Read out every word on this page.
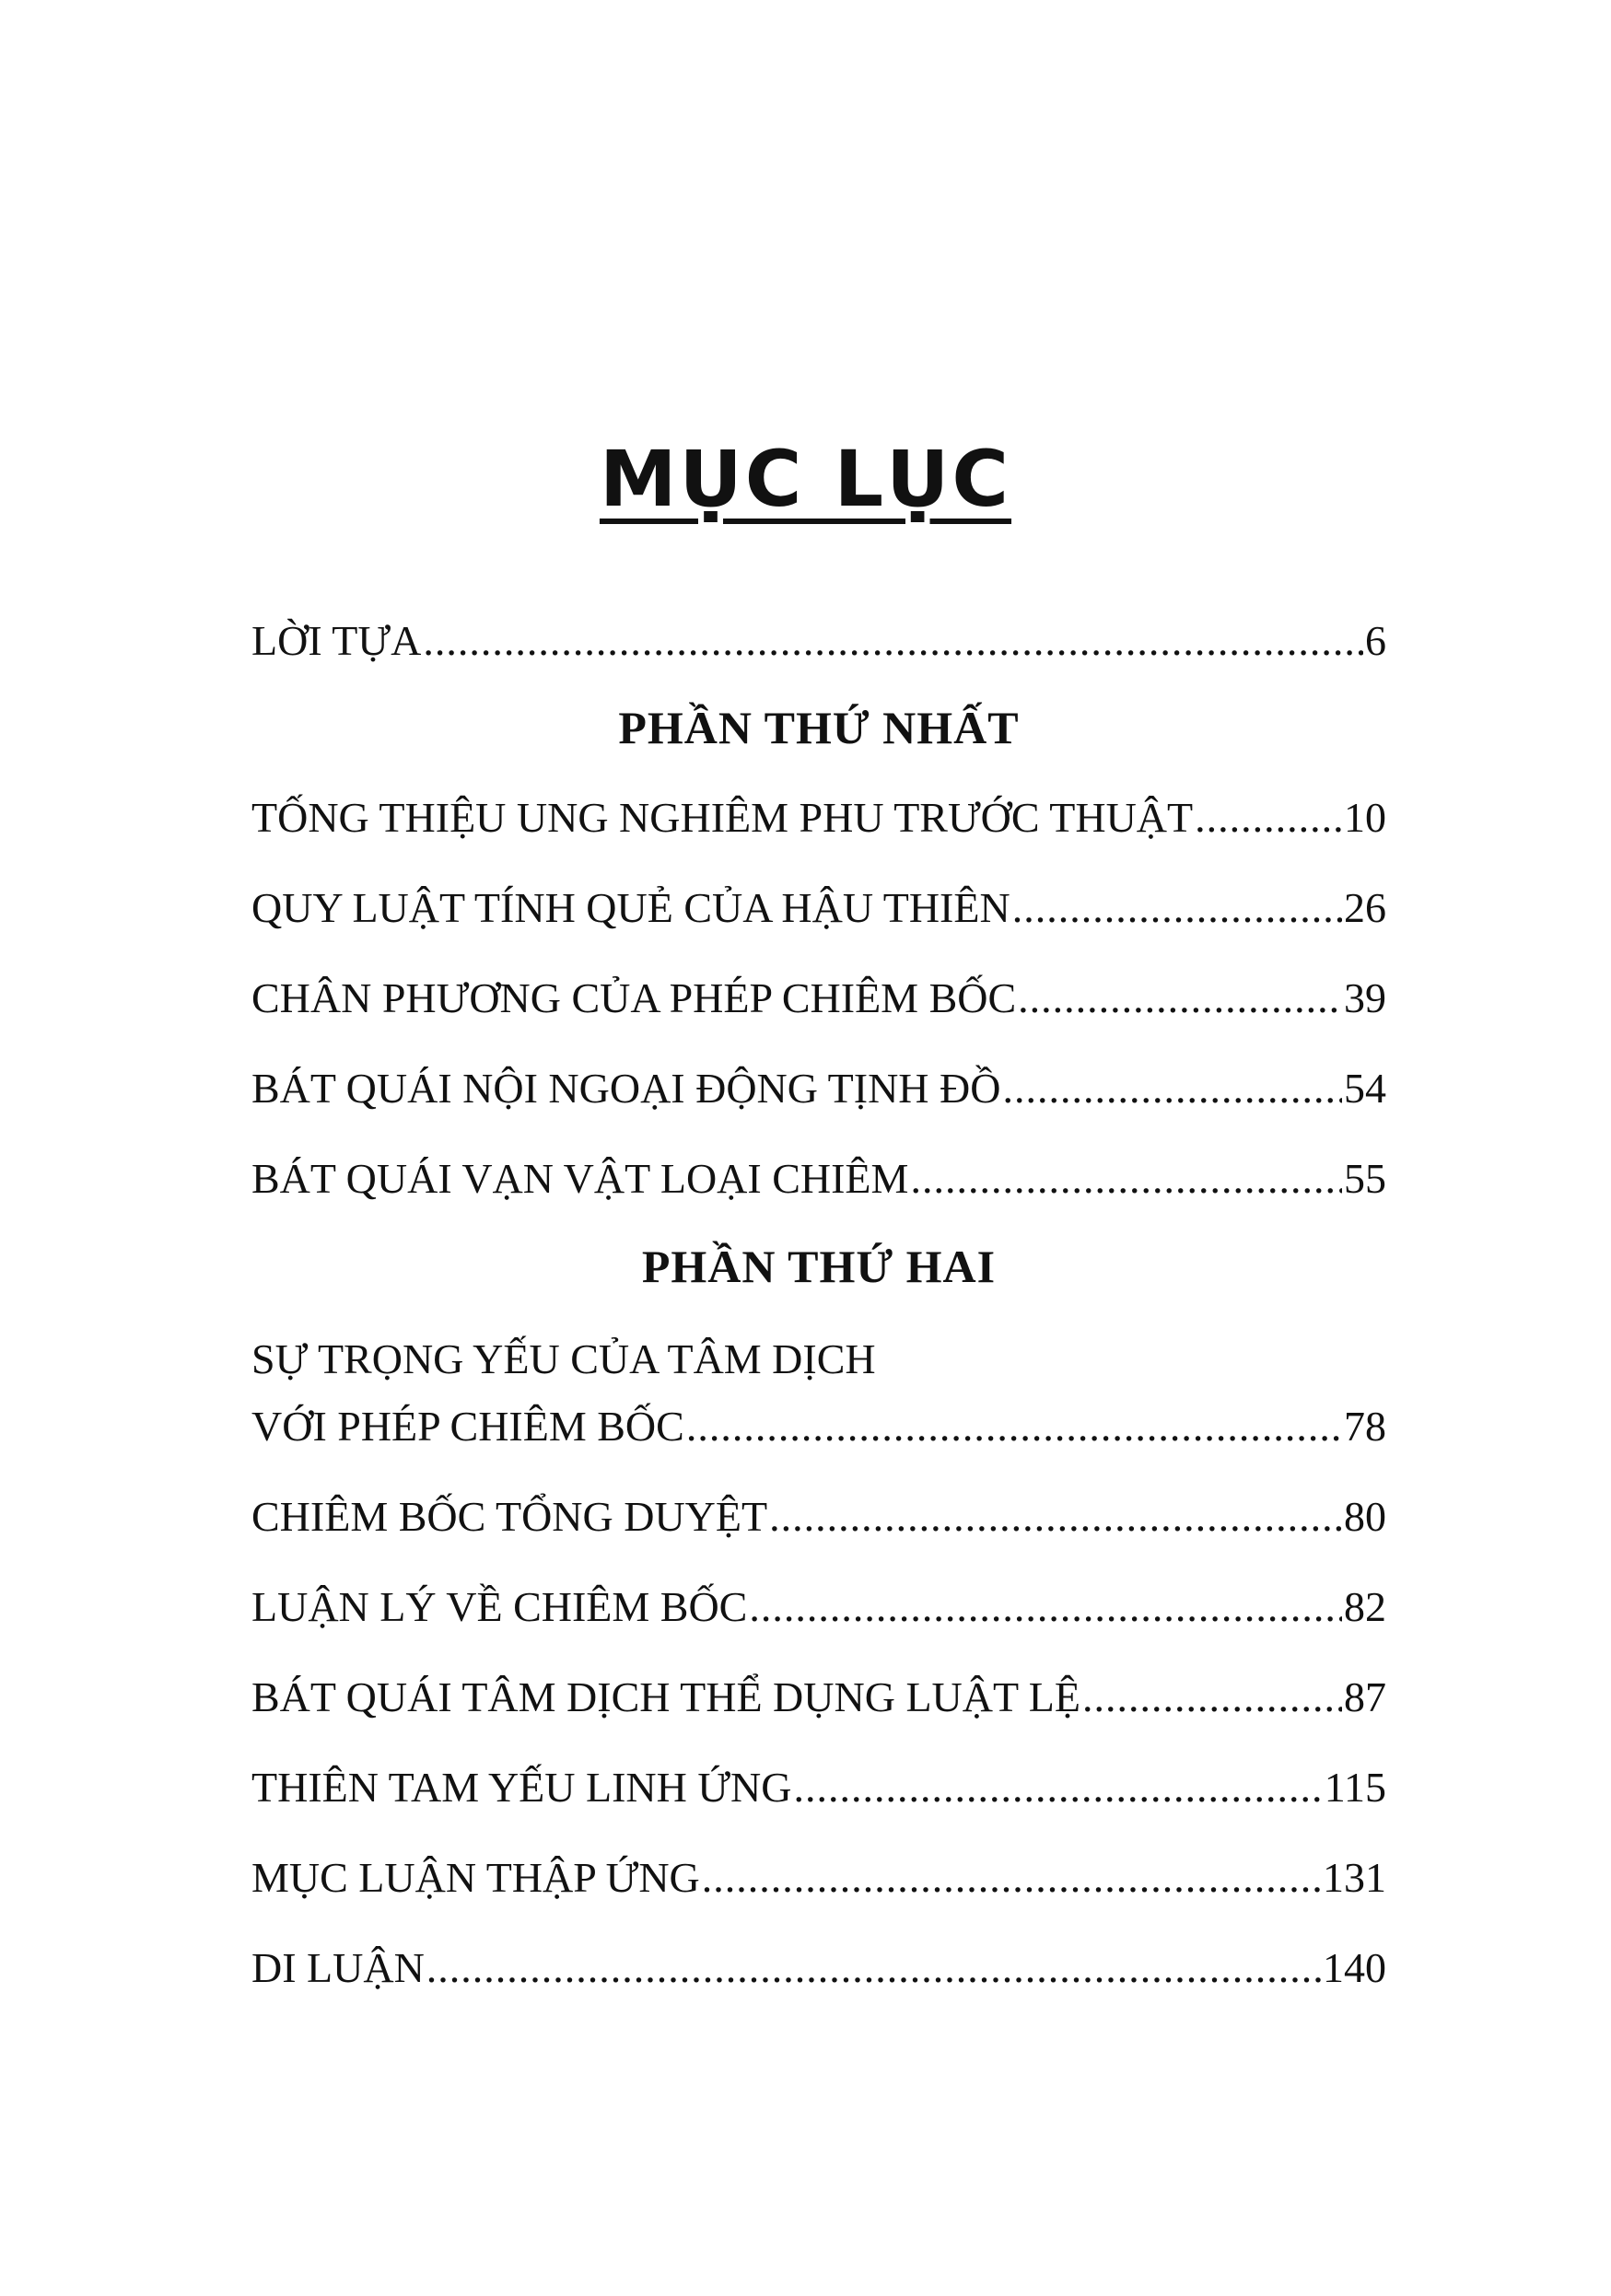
MỤC LỤC
LỜI TỰA .....	6
PHẦN THỨ NHẤT
TỐNG THIỆU UNG NGHIÊM PHU TRƯỚC THUẬT .....	10
QUY LUẬT TÍNH QUẺ CỦA HẬU THIÊN .....	26
CHÂN PHƯƠNG CỦA PHÉP CHIÊM BỐC .....	39
BÁT QUÁI NỘI NGOẠI ĐỘNG TỊNH ĐỒ .....	54
BÁT QUÁI VẠN VẬT LOẠI CHIÊM .....	55
PHẦN THỨ HAI
SỰ TRỌNG YẾU CỦA TÂM DỊCH
VỚI PHÉP CHIÊM BỐC .....	78
CHIÊM BỐC TỔNG DUYỆT .....	80
LUẬN LÝ VỀ CHIÊM BỐC .....	82
BÁT QUÁI TÂM DỊCH THỂ DỤNG LUẬT LỆ .....	87
THIÊN TAM YẾU LINH ỨNG .....	115
MỤC LUẬN THẬP ỨNG .....	131
DI LUẬN .....	140
